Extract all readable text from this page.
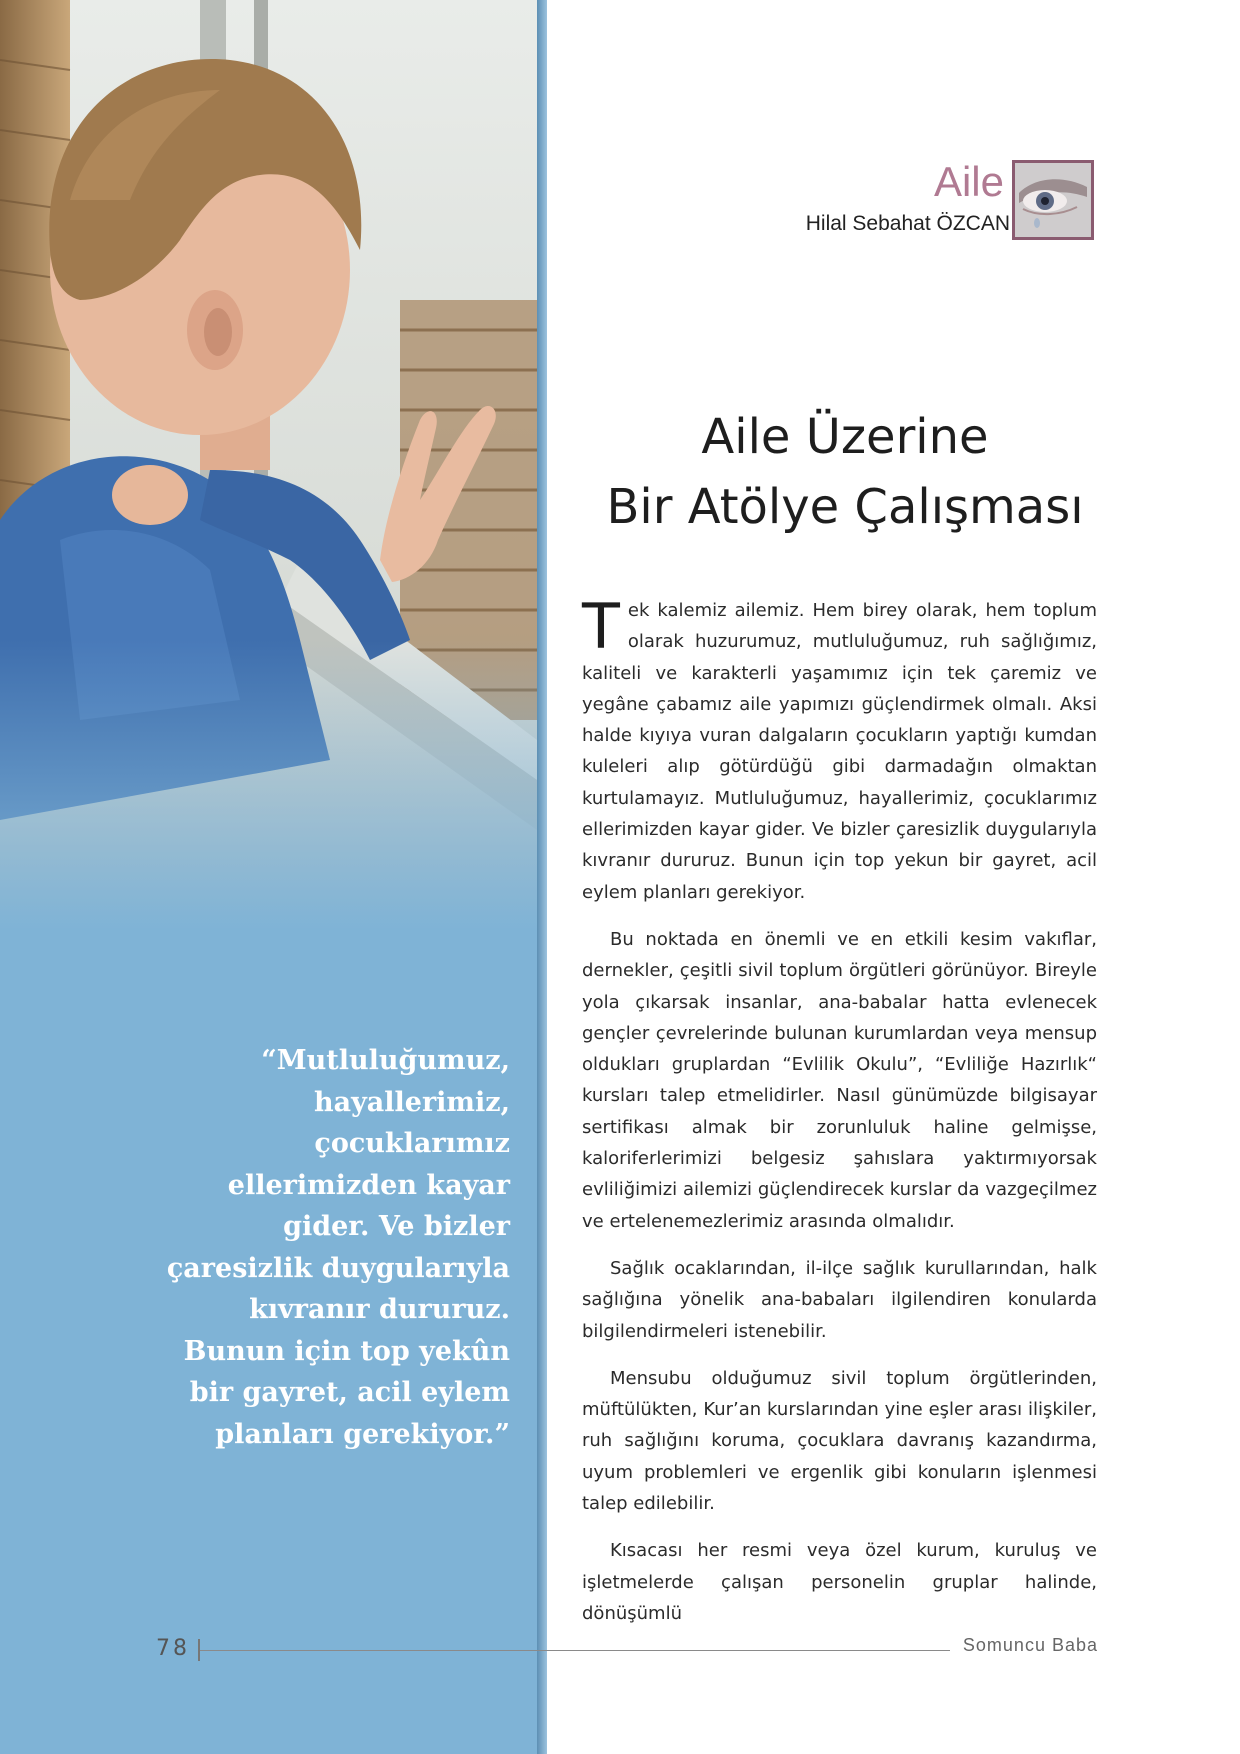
“Mutluluğumuz, hayallerimiz, çocuklarımız ellerimizden kayar gider. Ve bizler çaresizlik duygularıyla kıvranır dururuz. Bunun için top yekûn bir gayret, acil eylem planları gerekiyor.”

Aile
Hilal Sebahat ÖZCAN
Aile Üzerine
Bir Atölye Çalışması

Tek kalemiz ailemiz. Hem birey olarak, hem toplum olarak huzurumuz, mutluluğumuz, ruh sağlığımız, kaliteli ve karakterli yaşamımız için tek çaremiz ve yegâne çabamız aile yapımızı güçlendirmek olmalı. Aksi halde kıyıya vuran dalgaların çocukların yaptığı kumdan kuleleri alıp götürdüğü gibi darmadağın olmaktan kurtulamayız. Mutluluğumuz, hayallerimiz, çocuklarımız ellerimizden kayar gider. Ve bizler çaresizlik duygularıyla kıvranır dururuz. Bunun için top yekun bir gayret, acil eylem planları gerekiyor.

Bu noktada en önemli ve en etkili kesim vakıflar, dernekler, çeşitli sivil toplum örgütleri görünüyor. Bireyle yola çıkarsak insanlar, ana-babalar hatta evlenecek gençler çevrelerinde bulunan kurumlardan veya mensup oldukları gruplardan “Evlilik Okulu”, “Evliliğe Hazırlık“ kursları talep etmelidirler. Nasıl günümüzde bilgisayar sertifikası almak bir zorunluluk haline gelmişse, kaloriferlerimizi belgesiz şahıslara yaktırmıyorsak evliliğimizi ailemizi güçlendirecek kurslar da vazgeçilmez ve ertelenemezlerimiz arasında olmalıdır.

Sağlık ocaklarından, il-ilçe sağlık kurullarından, halk sağlığına yönelik ana-babaları ilgilendiren konularda bilgilendirmeleri istenebilir.

Mensubu olduğumuz sivil toplum örgütlerinden, müftülükten, Kur’an kurslarından yine eşler arası ilişkiler, ruh sağlığını koruma, çocuklara davranış kazandırma, uyum problemleri ve ergenlik gibi konuların işlenmesi talep edilebilir.

Kısacası her resmi veya özel kurum, kuruluş ve işletmelerde çalışan personelin gruplar halinde, dönüşümlü

78	Somuncu Baba
